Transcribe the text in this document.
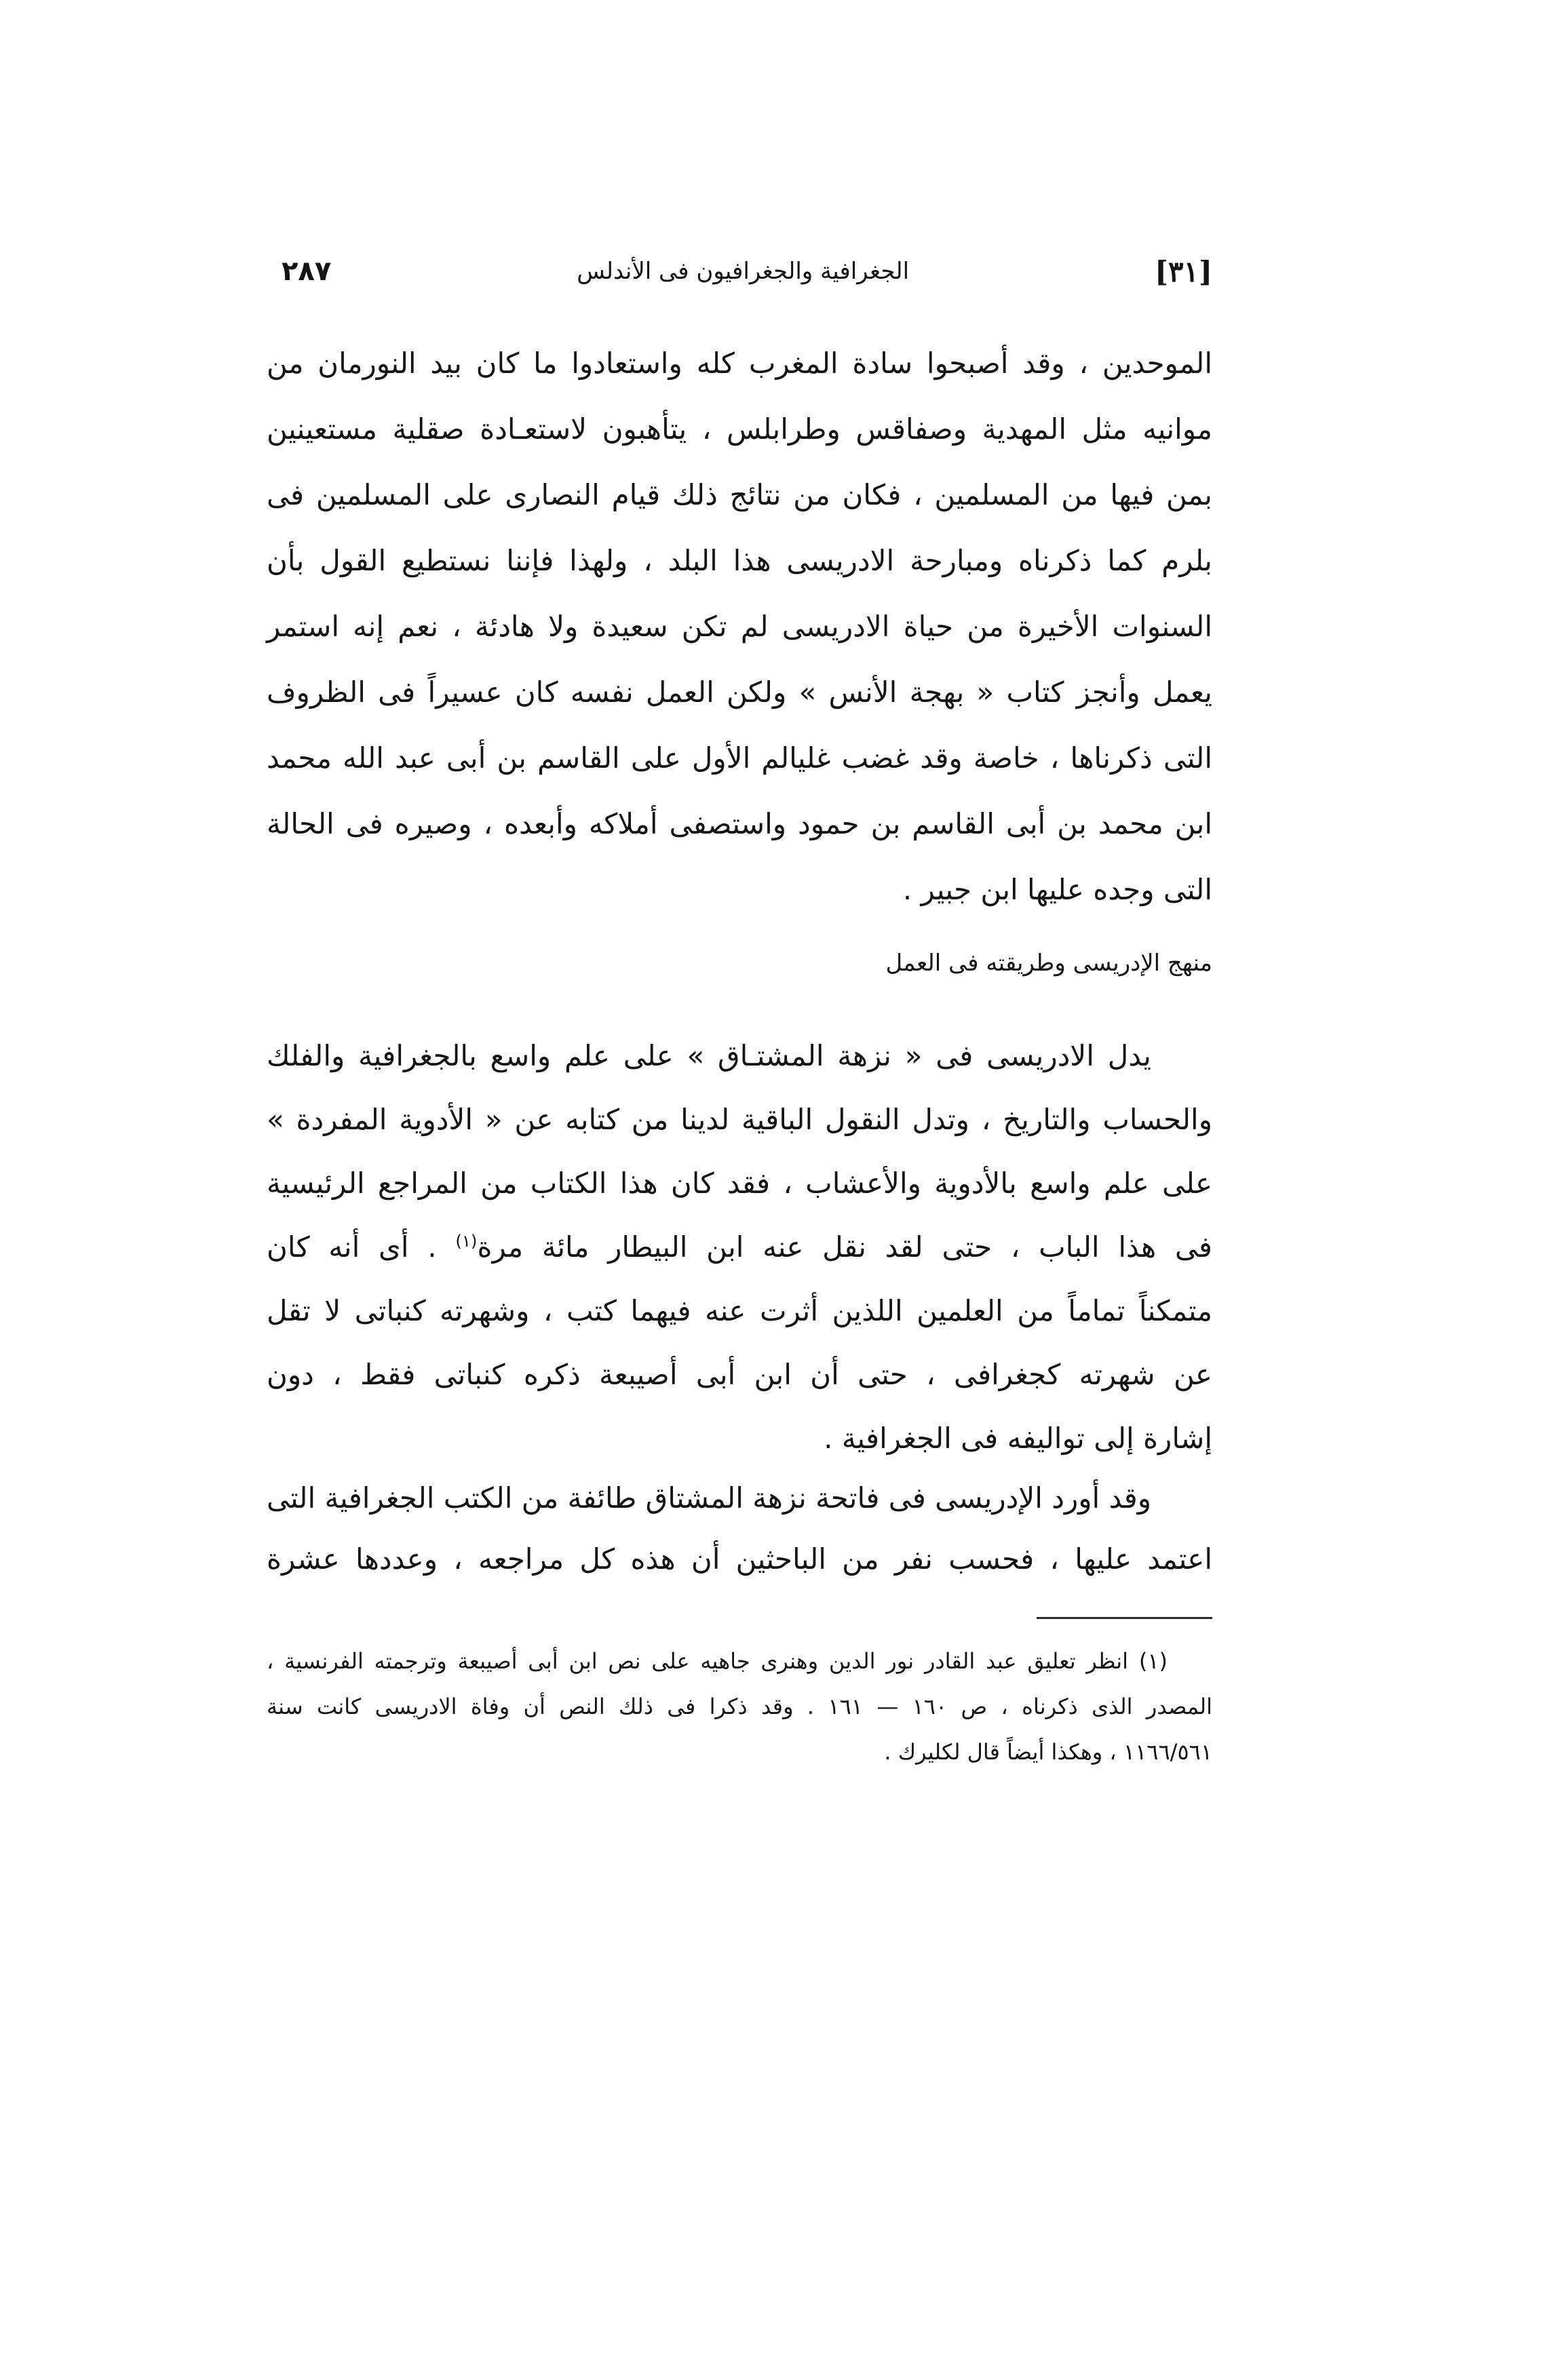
[٣١]
الجغرافية والجغرافيون فى الأندلس
٢٨٧
الموحدين ، وقد أصبحوا سادة المغرب كله واستعادوا ما كان بيد النورمان من
موانيه مثل المهدية وصفاقس وطرابلس ، يتأهبون لاستعـادة صقلية مستعينين
بمن فيها من المسلمين ، فكان من نتائج ذلك قيام النصارى على المسلمين فى
بلرم كما ذكرناه ومبارحة الادريسى هذا البلد ، ولهذا فإننا نستطيع القول بأن
السنوات الأخيرة من حياة الادريسى لم تكن سعيدة ولا هادئة ، نعم إنه استمر
يعمل وأنجز كتاب « بهجة الأنس » ولكن العمل نفسه كان عسيراً فى الظروف
التى ذكرناها ، خاصة وقد غضب غليالم الأول على القاسم بن أبى عبد الله محمد
ابن محمد بن أبى القاسم بن حمود واستصفى أملاكه وأبعده ، وصيره فى الحالة
التى وجده عليها ابن جبير .
منهج الإدريسى وطريقته فى العمل
يدل الادريسى فى « نزهة المشتـاق » على علم واسع بالجغرافية والفلك
والحساب والتاريخ ، وتدل النقول الباقية لدينا من كتابه عن « الأدوية المفردة »
على علم واسع بالأدوية والأعشاب ، فقد كان هذا الكتاب من المراجع الرئيسية
فى هذا الباب ، حتى لقد نقل عنه ابن البيطار مائة مرة$^{(١)}$ . أى أنه كان
متمكناً تماماً من العلمين اللذين أثرت عنه فيهما كتب ، وشهرته كنباتى لا تقل
عن شهرته كجغرافى ، حتى أن ابن أبى أصيبعة ذكره كنباتى فقط ، دون
إشارة إلى تواليفه فى الجغرافية .
وقد أورد الإدريسى فى فاتحة نزهة المشتاق طائفة من الكتب الجغرافية التى
اعتمد عليها ، فحسب نفر من الباحثين أن هذه كل مراجعه ، وعددها عشرة
(١) انظر تعليق عبد القادر نور الدين وهنرى جاهيه على نص ابن أبى أصيبعة وترجمته الفرنسية ،
المصدر الذى ذكرناه ، ص ١٦٠ — ١٦١ . وقد ذكرا فى ذلك النص أن وفاة الادريسى كانت سنة
١١٦٦/٥٦١ ، وهكذا أيضاً قال لكليرك .
